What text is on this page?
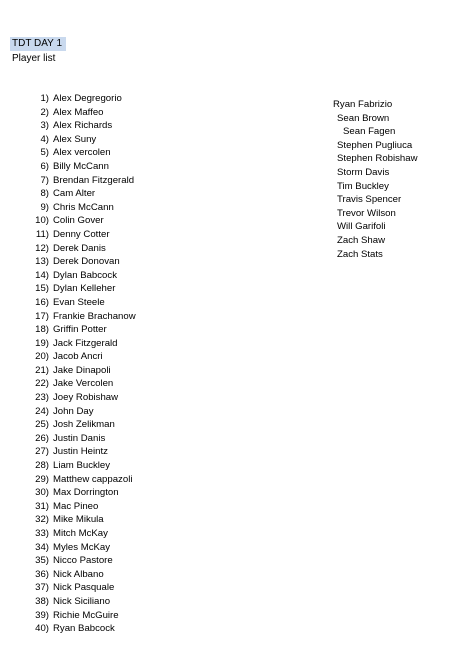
TDT DAY 1
Player list
1) Alex Degregorio
2) Alex Maffeo
3) Alex Richards
4) Alex Suny
5) Alex vercolen
6) Billy McCann
7) Brendan Fitzgerald
8) Cam Alter
9) Chris McCann
10) Colin Gover
11) Denny Cotter
12) Derek Danis
13) Derek Donovan
14) Dylan Babcock
15) Dylan Kelleher
16) Evan Steele
17) Frankie Brachanow
18) Griffin Potter
19) Jack Fitzgerald
20) Jacob Ancri
21) Jake Dinapoli
22) Jake Vercolen
23) Joey Robishaw
24) John Day
25) Josh Zelikman
26) Justin Danis
27) Justin Heintz
28) Liam Buckley
29) Matthew cappazoli
30) Max Dorrington
31) Mac Pineo
32) Mike Mikula
33) Mitch McKay
34) Myles McKay
35) Nicco Pastore
36) Nick Albano
37) Nick Pasquale
38) Nick Siciliano
39) Richie McGuire
40) Ryan Babcock
Ryan Fabrizio
Sean Brown
Sean Fagen
Stephen Pugliuca
Stephen Robishaw
Storm Davis
Tim Buckley
Travis Spencer
Trevor Wilson
Will Garifoli
Zach Shaw
Zach Stats
